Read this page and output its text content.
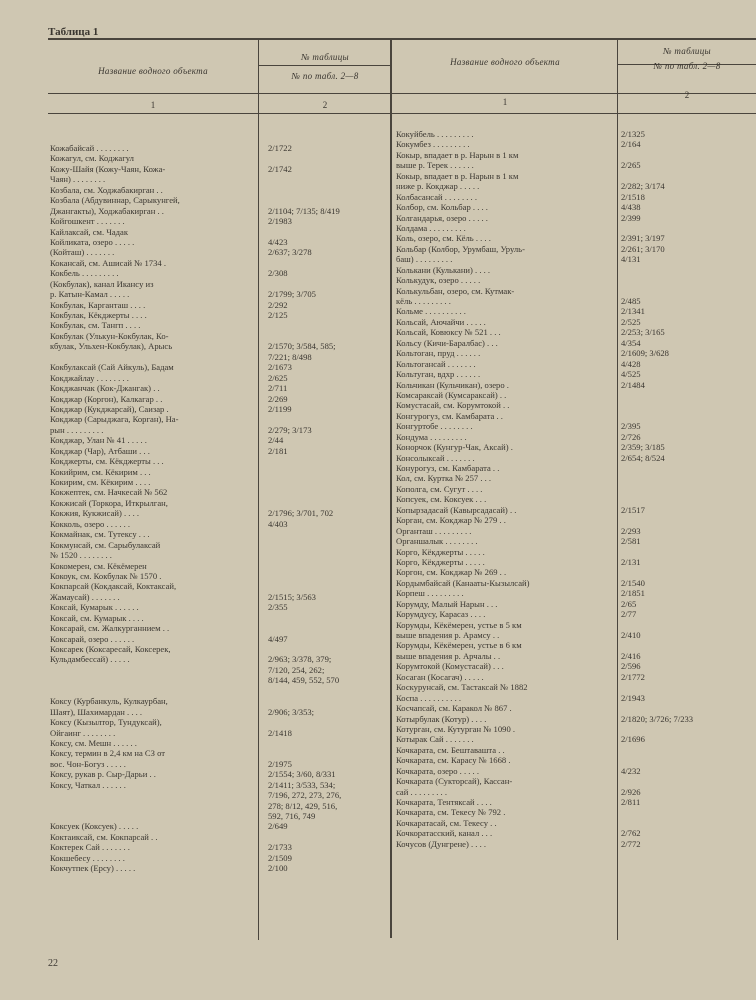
Таблица 1
Название водного объекта
№ таблицы
№ по табл. 2—8
Название водного объекта
№ таблицы
№ по табл. 2—8
1	2	1
2
Кожабайсай . . . . . . . .
Кожагул, см. Коджагул
Кожу-Шайя (Кожу-Чаян, Кожа-
Чаян) . . . . . . . .
Козбала, см. Ходжабакирган . .
Козбала (Абдувиннар, Сарыкунгей,
Джангакты), Ходжабакирган . .
Койгошкент . . . . . . .
Кайлаксай, см. Чадак
Койликата, озеро . . . . .
(Койташ) . . . . . . .
Кокансай, см. Ашисай № 1734 .
Кокбель . . . . . . . . .
(Кокбулак), канал Иканcу из
р. Катын-Камал . . . . .
Кокбулак, Карганташ . . . .
Кокбулак, Кёкджерты . . . .
Кокбулак, см. Тангп . . . .
Кокбулак (Улькун-Кокбулак, Ко-
кбулак, Ульхен-Кокбулак), Арысь
Кокбулаксай (Сай Айкуль), Бадам
Кокджайлау . . . . . . . .
Кокджанчак (Кок-Джангак) . .
Кокджар (Коргон), Калкагар . .
Кокджар (Кукджарсай), Саизар .
Кокджар (Сарыджага, Корган), На-
рын . . . . . . . . .
Кокджар, Улан № 41 . . . . .
Кокджар (Чар), Атбаши . . .
Кокджерты, см. Кёкджерты . . .
Кокийрим, см. Кёкирим . . .
Кокирим, см. Кёкирим . . . .
Кокжептек, см. Начкесай № 562
Кокжисай (Торкора, Иткрылган,
Кокжия, Кукжисай) . . . .
Кокколь, озеро . . . . . .
Кокмайнак, см. Тутексу . . .
Кокмунсай, см. Сарыбулаксай
№ 1520 . . . . . . . .
Кокомерен, см. Кёкёмерен
Кокоук, см. Кокбулак № 1570 .
Кокпарсай (Кокдаксай, Коктаксай,
Жамаусай) . . . . . . .
Коксай, Кумарык . . . . . .
Коксай, см. Кумарык . . . .
Коксарай, см. Жалкурганнием . .
Коксарай, озеро . . . . . .
Коксарек (Коксаресай, Коксерек,
Кульдамбессай) . . . . .
Коксу (Курбанкуль, Кулкаурбан,
Шаят), Шахимардан . . . .
Коксу (Кызылтор, Тундуксай),
Ойгаинг . . . . . . . .
Коксу, см. Мешн . . . . . .
Коксу, термин в 2,4 км на СЗ от
вос. Чон-Богуз . . . . .
Коксу, рукав р. Сыр-Дарьи . .
Коксу, Чаткал . . . . . .
Коксуек (Коксуек) . . . . .
Коктаиксай, см. Кокпарсай . .
Коктерек Сай . . . . . . .
Кокшебесу . . . . . . . .
Кокчутпек (Ерсу) . . . . .
2/1722
2/1742
2/1104; 7/135; 8/419
2/1983
4/423
2/637; 3/278
2/308
2/1799; 3/705
2/292
2/125
2/1570; 3/584, 585;
7/221; 8/498
2/1673
2/625
2/711
2/269
2/1199
2/279; 3/173
2/44
2/181
2/1796; 3/701, 702
4/403
2/1515; 3/563
2/355
4/497
2/963; 3/378, 379;
7/120, 254, 262;
8/144, 459, 552, 570
2/906; 3/353;
2/1418
2/1975
2/1554; 3/60, 8/331
2/1411; 3/533, 534;
7/196, 272, 273, 276,
278; 8/12, 429, 516,
592, 716, 749
2/649
2/1733
2/1509
2/100
Кокуйбель . . . . . . . . .
Кокумбез . . . . . . . . .
Кокыр, впадает в р. Нарын в 1 км
выше р. Терек . . . . . .
Кокыр, впадает в р. Нарын в 1 км
ниже р. Кокджар . . . . .
Колбасансай . . . . . . . .
Колбор, см. Кольбар . . . .
Колгандарья, озеро . . . . .
Колдама . . . . . . . . .
Коль, озеро, см. Кёль . . . .
Кольбар (Колбор, Урумбаш, Уруль-
баш) . . . . . . . . .
Колькани (Кулькани) . . . .
Колькудук, озеро . . . . .
Колькульбан, озеро, см. Кутмак-
кёль . . . . . . . . .
Кольме . . . . . . . . . .
Кольсай, Аючайчи . . . . .
Кольсай, Ковюксу № 521 . . .
Кольсу (Кичи-Баралбас) . . .
Кольтоган, пруд . . . . . .
Кольтогансай . . . . . . .
Кольтуган, вдхр . . . . . .
Кольчикан (Кульчикан), озеро .
Комсараксай (Кумсараксай) . .
Комустасай, см. Корумтокой . .
Конгурогуз, см. Камбарата . .
Конгуртобе . . . . . . . .
Кондума . . . . . . . . .
Конорчок (Кунгур-Чак, Аксай) .
Консолыксай . . . . . . .
Конурогуз, см. Камбарата . .
Кол, см. Куртка № 257 . . .
Кополга, см. Сугут . . . .
Копсуек, см. Коксуек . . .
Копырзадасай (Кавырсадасай) . .
Корган, см. Кокджар № 279 . .
Органташ . . . . . . . . .
Органшалык . . . . . . . .
Корго, Кёкджерты . . . . .
Корго, Кёкджерты . . . . .
Коргон, см. Кокджар № 269 . .
Кордымбайсай (Канааты-Кызылсай)
Корпеш . . . . . . . . .
Корумду, Малый Нарын . . .
Корумдусу, Карасаз . . . .
Корумды, Кёкёмерен, устье в 5 км
выше впадения р. Арамсу . .
Корумды, Кёкёмерен, устье в 6 км
выше впадения р. Арчалы . .
Корумтокой (Комустасай) . . .
Косаган (Косагач) . . . . .
Коскурунсай, см. Тастаксай № 1882
Коспа . . . . . . . . . .
Косчапсай, см. Каракол № 867 .
Котырбулак (Котур) . . . .
Котурган, см. Кутурган № 1090 .
Котырак Сай . . . . . . .
Кочкарата, см. Бештавашта . .
Кочкарата, см. Карасу № 1668 .
Кочкарата, озеро . . . . .
Кочкарата (Сукторсай), Кассан-
сай . . . . . . . . .
Кочкарата, Тентяксай . . . .
Кочкарата, см. Текесу № 792 .
Кочкаратасай, см. Текесу . .
Кочкоратасский, канал . . .
Кочусов (Дунгрене) . . . .
2/1325
2/164
2/265
2/282; 3/174
2/1518
4/438
2/399
2/391; 3/197
2/261; 3/170
4/131
2/485
2/1341
2/525
2/253; 3/165
4/354
2/1609; 3/628
4/428
4/525
2/1484
2/395
2/726
2/359; 3/185
2/654; 8/524
2/1517
2/293
2/581
2/131
2/1540
2/1851
2/65
2/77
2/410
2/416
2/596
2/1772
2/1943
2/1820; 3/726; 7/233
2/1696
4/232
2/926
2/811
2/762
2/772
22
